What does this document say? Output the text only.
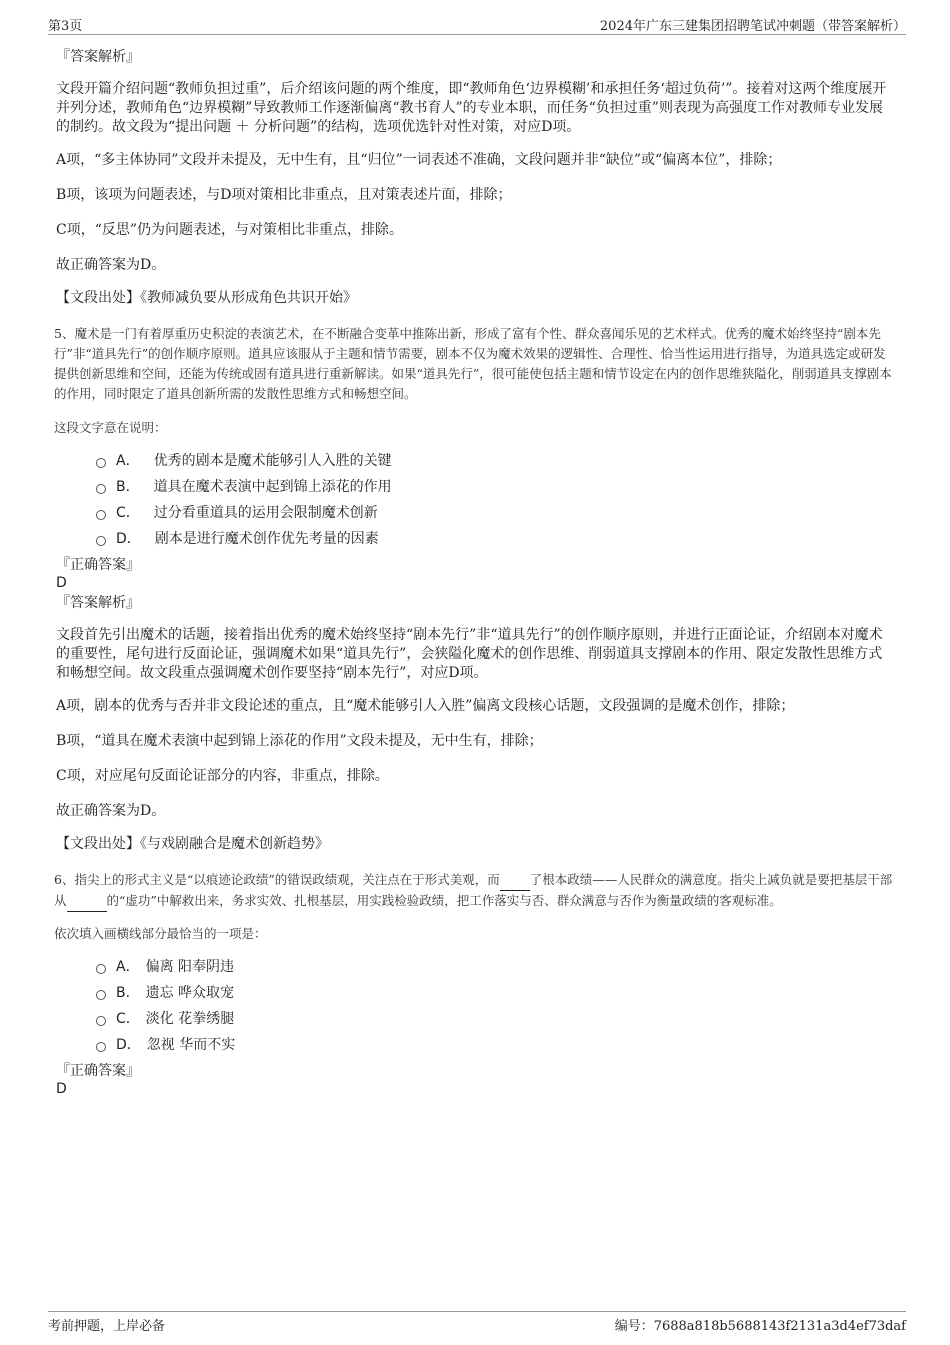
第3页	2024年广东三建集团招聘笔试冲刺题（带答案解析）
『答案解析』
文段开篇介绍问题“教师负担过重”，后介绍该问题的两个维度，即“教师角色‘边界模糊’和承担任务‘超过负荷’”。接着对这两个维度展开并列分述，教师角色“边界模糊”导致教师工作逐渐偏离“教书育人”的专业本职，而任务“负担过重”则表现为高强度工作对教师专业发展的制约。故文段为“提出问题 ＋ 分析问题”的结构，选项优选针对性对策，对应D项。
A项，“多主体协同”文段并未提及，无中生有，且“归位”一词表述不准确，文段问题并非“缺位”或“偏离本位”，排除；
B项，该项为问题表述，与D项对策相比非重点，且对策表述片面，排除；
C项，“反思”仍为问题表述，与对策相比非重点，排除。
故正确答案为D。
【文段出处】《教师减负要从形成角色共识开始》
5、魔术是一门有着厚重历史积淀的表演艺术，在不断融合变革中推陈出新，形成了富有个性、群众喜闻乐见的艺术样式。优秀的魔术始终坚持“剧本先行”非“道具先行”的创作顺序原则。道具应该服从于主题和情节需要，剧本不仅为魔术效果的逻辑性、合理性、恰当性运用进行指导，为道具选定或研发提供创新思维和空间，还能为传统或固有道具进行重新解读。如果“道具先行”，很可能使包括主题和情节设定在内的创作思维狭隘化，削弱道具支撑剧本的作用，同时限定了道具创新所需的发散性思维方式和畅想空间。
这段文字意在说明：
A． 优秀的剧本是魔术能够引人入胜的关键
B． 道具在魔术表演中起到锦上添花的作用
C． 过分看重道具的运用会限制魔术创新
D． 剧本是进行魔术创作优先考量的因素
『正确答案』
D
『答案解析』
文段首先引出魔术的话题，接着指出优秀的魔术始终坚持“剧本先行”非“道具先行”的创作顺序原则，并进行正面论证，介绍剧本对魔术的重要性，尾句进行反面论证，强调魔术如果“道具先行”，会狭隘化魔术的创作思维、削弱道具支撑剧本的作用、限定发散性思维方式和畅想空间。故文段重点强调魔术创作要坚持“剧本先行”，对应D项。
A项，剧本的优秀与否并非文段论述的重点，且“魔术能够引人入胜”偏离文段核心话题，文段强调的是魔术创作，排除；
B项，“道具在魔术表演中起到锦上添花的作用”文段未提及，无中生有，排除；
C项，对应尾句反面论证部分的内容，非重点，排除。
故正确答案为D。
【文段出处】《与戏剧融合是魔术创新趋势》
6、指尖上的形式主义是“以痕迹论政绩”的错误政绩观，关注点在于形式美观，而 了根本政绩——人民群众的满意度。指尖上减负就是要把基层干部从	的“虚功”中解救出来，务求实效、扎根基层，用实践检验政绩，把工作落实与否、群众满意与否作为衡量政绩的客观标准。
依次填入画横线部分最恰当的一项是：
A． 偏离 阳奉阴违
B． 遗忘 哗众取宠
C． 淡化 花拳绣腿
D． 忽视 华而不实
『正确答案』
D
考前押题，上岸必备	编号：7688a818b5688143f2131a3d4ef73daf
